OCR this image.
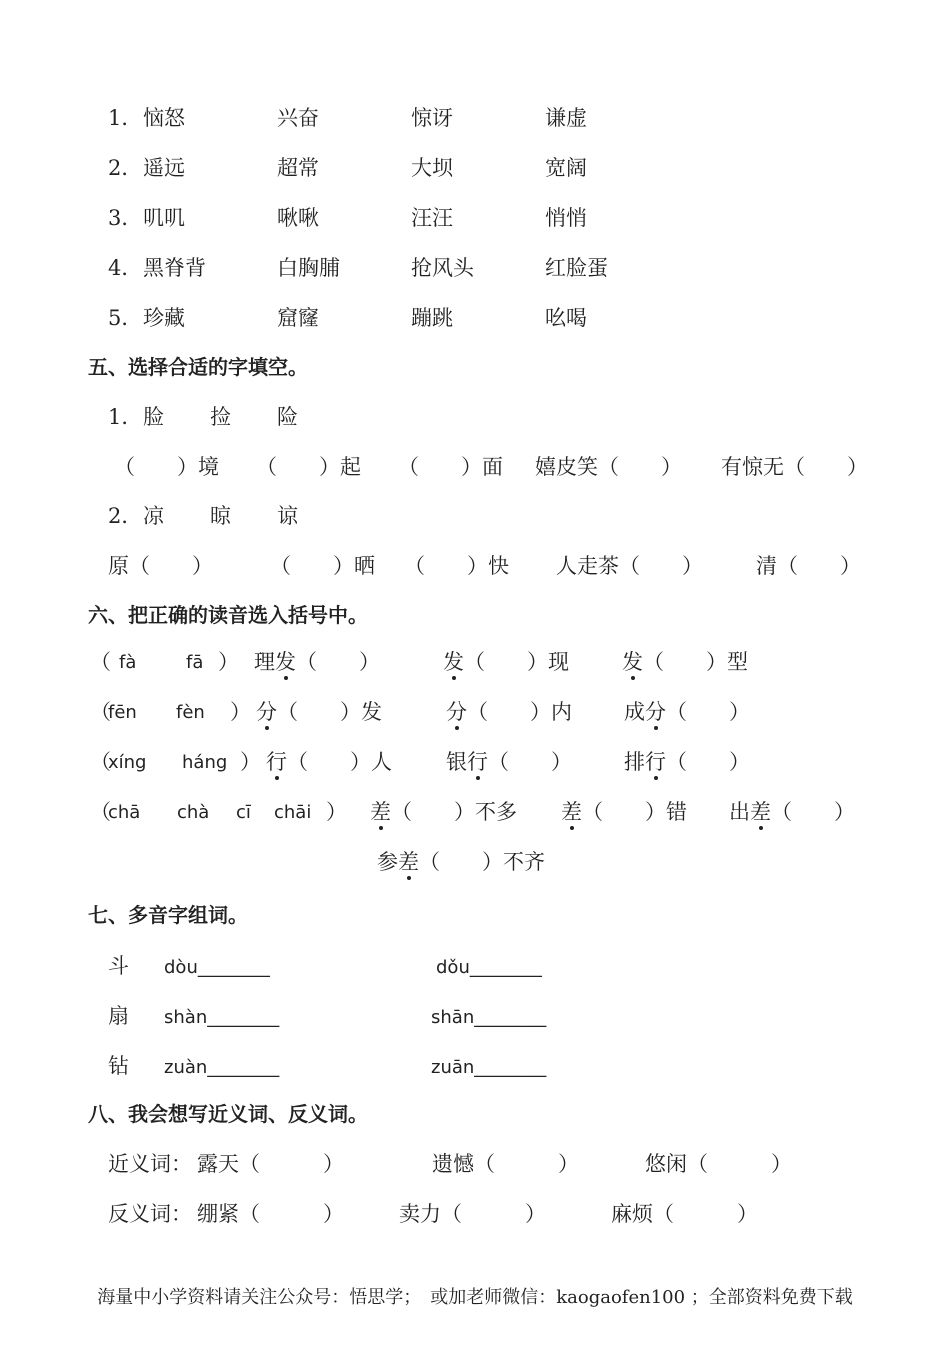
1． 恼怒	兴奋	惊讶	谦虚
2． 遥远	超常	大坝	宽阔
3． 叽叽	啾啾	汪汪	悄悄
4． 黑脊背	白胸脯	抢风头	红脸蛋
5． 珍藏	窟窿	蹦跳	吆喝
五、选择合适的字填空。
1． 脸 捡 险
（　　）境 （　　）起 （　　）面 嬉皮笑（　　） 有惊无（　　）
2． 凉 晾 谅
原（　　）	（　　）晒 （　　）快 人走茶（　　）	清（　　）
六、把正确的读音选入括号中。
（ fà	fā ） 理发（　　）	发（　　）现	发（　　）型
（
fēn fèn ） 分（　　）发	分（　　）内 成分（　　）
（
xíng háng ） 行（　　）人	银行（　　） 排行（　　）
（
chā chà cī chāi ） 差（　　）不多 差（　　）错 出差（　　）
参差（　　）不齐
七、多音字组词。
斗 dòu________	dǒu________
扇 shàn________	shān________
钻 zuàn________	zuān________
八、我会想写近义词、反义词。
近义词： 露天（　　　）	遗憾（　　　）	悠闲（　　　）
反义词： 绷紧（　　　）	卖力（　　　）	麻烦（　　　）
海量中小学资料请关注公众号：悟思学；　或加老师微信：kaogaofen100 ；全部资料免费下载
